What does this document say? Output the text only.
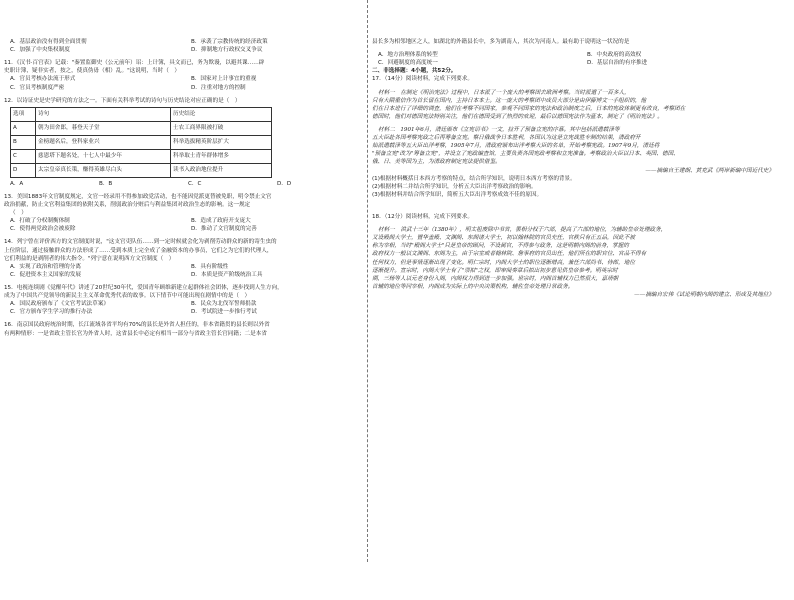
A．基层政治没有得到全面贯彻	B．承袭了宗教传统的经济政策
C．加强了中央集权制度	D．抑制地方行政权交叉争议
11．《汉书·百官表》记载："秦置监御史（公元前年）诏：上计簿，具文而已，务为欺谩，以避其课……辟
史职计簿，疑非实者，按之，使真伪毋（相）乱。"这说明，当时（　）
A．官员考核办法流于形式	B．国家对上计事宜的重视
C．官员考核制度严密	D．注重对地方的控制
12．以诗证史是史学研究的方法之一。下面有关科举考试的诗句与历史结论对应正确的是（　）
选项	诗句	历史结论
A	朝为田舍郎，暮登天子堂	士农工商界限被打破
B	金榜题名后，登科家业兴	科举选拔精英阶层扩大
C	慈恩塔下题名处，十七人中最少年	科举取士青年群体增多
D	太宗皇帝真长策，赚得英雄尽白头	读书入政治地位提升
A．A	B．B	C．C	D．D
13．美国1883年文官制度规定，文官一经录用不得参加政党活动，也不能因党派更替被免职，明令禁止文官
政治捐献，防止文官利益集团的依附关系，削弱政治分赃后与利益集团对政治生态的影响。这一规定
（　）
A．打破了分权制衡体制	B．造成了政府开支庞大
C．使得两党政治会被废除	D．推动了文官制度的完善
14．列宁曾在评价西方的文官制度时说，"这支官吏队伍……到一定时候就会化为剥削劳动群众的新的寄生虫的
上位阶层，通过接触群众的方法形成了……受到本质上完全成了金融资本的办事员，它们之为它们的代理人，
它们利益的是剥削者的伟大指令。"列宁意在说明西方文官制度（　）
A．实现了政治和管理的分离	B．具有阶级性
C．促进资本主义国家的发展	D．本质是资产阶级统治工具
15．电视连续剧《觉醒年代》讲述了20世纪30年代，爱国青年顾维新建立起群体社会团体，逐步找到人生方向，
成为了中国共产党领导的新民主主义革命优秀代表的故事。以下情节中可能出现在剧情中的是（　）
A．国民政府颁布了《文官考试法草案》	B．民众为北伐军誓师捐款
C．官方颁布学生学习的推行办法	D．考试院进一步推行考试
16．南京国民政府统治时期，长江流域各省平均有70%的县长是外省人担任的，非本省籍贯的县长则以外省
有两种情形：一是省政主管长官为外省人时，这省县长中必定有相当一部分与省政主管长官同籍；二是本省
县长多为相邻地区之人，如湖北的外籍县长中，多为湖南人，其次为河南人。最有助于说明这一状况的是
A．地方治理体系的转型	B．中央政府的高效权
C．回避制度的高度统一	D．基层自治的有序推进
二、非选择题：4小题，共52分。
17．（14分）阅读材料，完成下列要求。
材料一　在制定《明治宪法》过程中，日本派了一个庞大的考察团去欧洲考察。当时派遣了一百多人，
只有大隈重信作为首长留在国内，主持日本本土。这一庞大的考察团中成员大部分是由伊藤博文一手组织的，他
们在日本进行了详细的调查，他们在考察不同国家，参观不同国家的宪法和政治制度之后，日本的宪政体制更有改良，考察团在
德国时，他们对德国宪法特别关注，他们在德国受到了热烈的欢迎，最后以德国宪法作为蓝本，制定了《明治宪法》。
材料二　1901年6月，清廷颁布《立宪诏书》一文，拉开了预备立宪的序幕。其中包括派遣载泽等
五大臣赴各国考察宪政之后再筹备立宪。察日俄战争日本胜利，各国认为这是立宪战胜专制的结果，清政府开
始派遣载泽等五大臣出洋考察，1905年7月，清政府颁布出洋考察大臣的名单，开始考察宪政。1907年9月，清廷将
"预备立宪"改为"筹备立宪"，并设立了宪政编查馆，主要负责各国宪政考察和立宪准备。考察政治大臣以日本、英国、德国、
俄、日、美等国为主，为清政府制定宪法提供借鉴。
——摘编自王建朗、黄克武《两岸新编中国近代史》
(1)根据材料概括日本西方考察的特点，结合所学知识，说明日本西方考察的背景。
(2)根据材料二并结合所学知识，分析五大臣出洋考察政治的影响。
(3)根据材料并结合所学知识，简析五大臣出洋考察成效不佳的原因。
18．（12分）阅读材料，完成下列要求。
材料一　洪武十三年（1380年），明太祖废除中书省，罢相分权于六部，提高了六部的地位，为辅助皇帝处理政务，
又设殿阁大学士，置华盖殿、文渊阁、东阁诸大学士，初以翰林院的官员充任，官秩只有正五品，因此不被
称为宰相，当时"殿阁大学士"只是皇帝的顾问，不设属官，不得参与政务，这是明朝内阁的前身，掌握的
政府权力一般以文渊阁、东阁为主，由于宗室或者翰林院、詹事府的官员出任，他们所在的职官位、官品不得有
任何权力，但是事情逐渐出现了变化。明仁宗时，内阁大学士的职位逐渐增高，兼任六部尚书、侍郎，地位
逐渐提升。宣宗时，内阁大学士有了"票拟"之权，即审阅奏章后拟出初步意见供皇帝参考。明英宗时
期，三杨等人以元老身份入阁，内阁权力得到进一步加强。世宗时，内阁首辅权力已然很大，嘉靖朝
首辅的地位等同宰相，内阁成为实际上的中央决策机构，辅佐皇帝处理日常政务。
——摘编自宏伟《试论明朝内阁的建立、形成及其地位》
